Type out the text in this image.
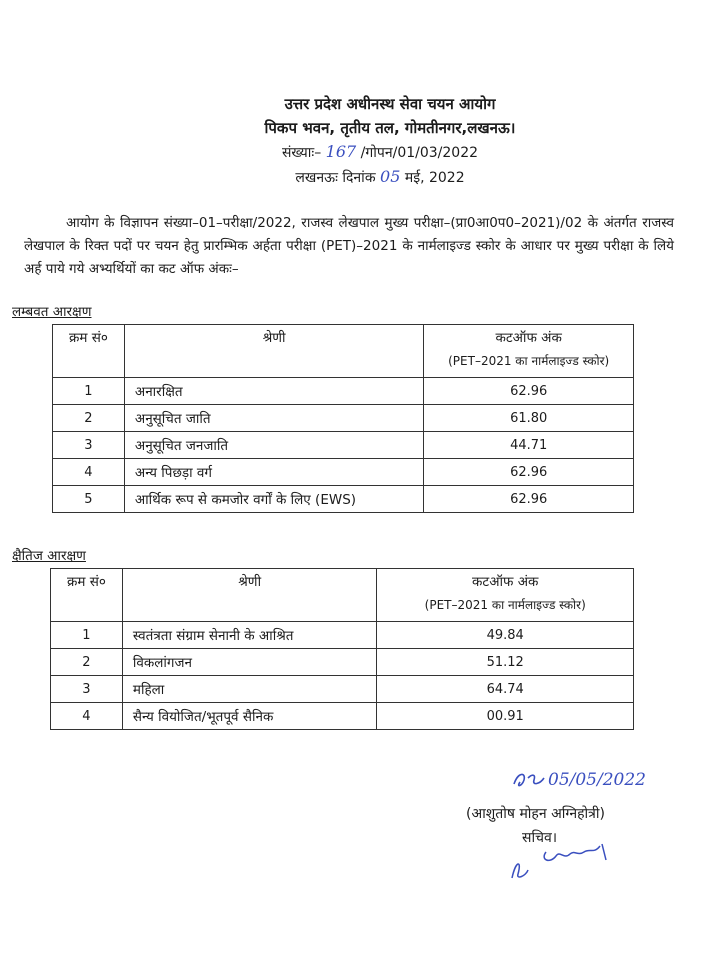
उत्तर प्रदेश अधीनस्थ सेवा चयन आयोग
पिकप भवन, तृतीय तल, गोमतीनगर,लखनऊ।
संख्याः– 167 /गोपन/01/03/2022
लखनऊः दिनांक 05 मई, 2022
आयोग के विज्ञापन संख्या–01–परीक्षा/2022, राजस्व लेखपाल मुख्य परीक्षा–(प्रा0आ0प0–2021)/02 के अंतर्गत राजस्व लेखपाल के रिक्त पदों पर चयन हेतु प्रारम्भिक अर्हता परीक्षा (PET)–2021 के नार्मलाइज्ड स्कोर के आधार पर मुख्य परीक्षा के लिये अर्ह पाये गये अभ्यर्थियों का कट ऑफ अंकः–
लम्बवत आरक्षण
क्रम सं०	श्रेणी	कटऑफ अंक
(PET–2021 का नार्मलाइज्ड स्कोर)

1	अनारक्षित	62.96
2	अनुसूचित जाति	61.80
3	अनुसूचित जनजाति	44.71
4	अन्य पिछड़ा वर्ग	62.96
5	आर्थिक रूप से कमजोर वर्गों के लिए (EWS)	62.96
क्षैतिज आरक्षण
क्रम सं०	श्रेणी	कटऑफ अंक
(PET–2021 का नार्मलाइज्ड स्कोर)

1	स्वतंत्रता संग्राम सेनानी के आश्रित	49.84
2	विकलांगजन	51.12
3	महिला	64.74
4	सैन्य वियोजित/भूतपूर्व सैनिक	00.91
05/05/2022
(आशुतोष मोहन अग्निहोत्री)
सचिव।
